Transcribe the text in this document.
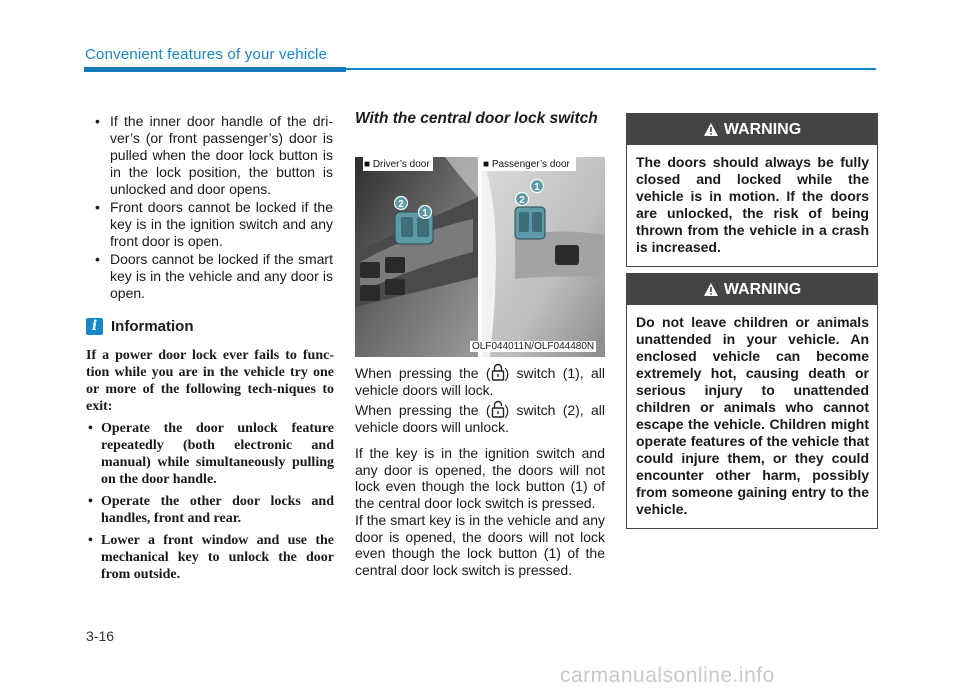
Convenient features of your vehicle
• If the inner door handle of the dri-ver’s (or front passenger’s) door is pulled when the door lock button is in the lock position, the button is unlocked and door opens.
• Front doors cannot be locked if the key is in the ignition switch and any front door is open.
• Doors cannot be locked if the smart key is in the vehicle and any door is open.
i Information
If a power door lock ever fails to func-tion while you are in the vehicle try one or more of the following tech-niques to exit:
• Operate the door unlock feature repeatedly (both electronic and manual) while simultaneously pulling on the door handle.
• Operate the other door locks and handles, front and rear.
• Lower a front window and use the mechanical key to unlock the door from outside.
With the central door lock switch
2
1
2
1
■ Driver’s door	■ Passenger’s door
OLF044011N/OLF044480N

When pressing the ( ) switch (1), all vehicle doors will lock.

When pressing the ( ) switch (2), all vehicle doors will unlock.

If the key is in the ignition switch and any door is opened, the doors will not lock even though the lock button (1) of the central door lock switch is pressed.

If the smart key is in the vehicle and any door is opened, the doors will not lock even though the lock button (1) of the central door lock switch is pressed.

WARNING
The doors should always be fully closed and locked while the vehicle is in motion. If the doors are unlocked, the risk of being thrown from the vehicle in a crash is increased.
WARNING
Do not leave children or animals unattended in your vehicle. An enclosed vehicle can become extremely hot, causing death or serious injury to unattended children or animals who cannot escape the vehicle. Children might operate features of the vehicle that could injure them, or they could encounter other harm, possibly from someone gaining entry to the vehicle.
3-16
carmanualsonline.info
